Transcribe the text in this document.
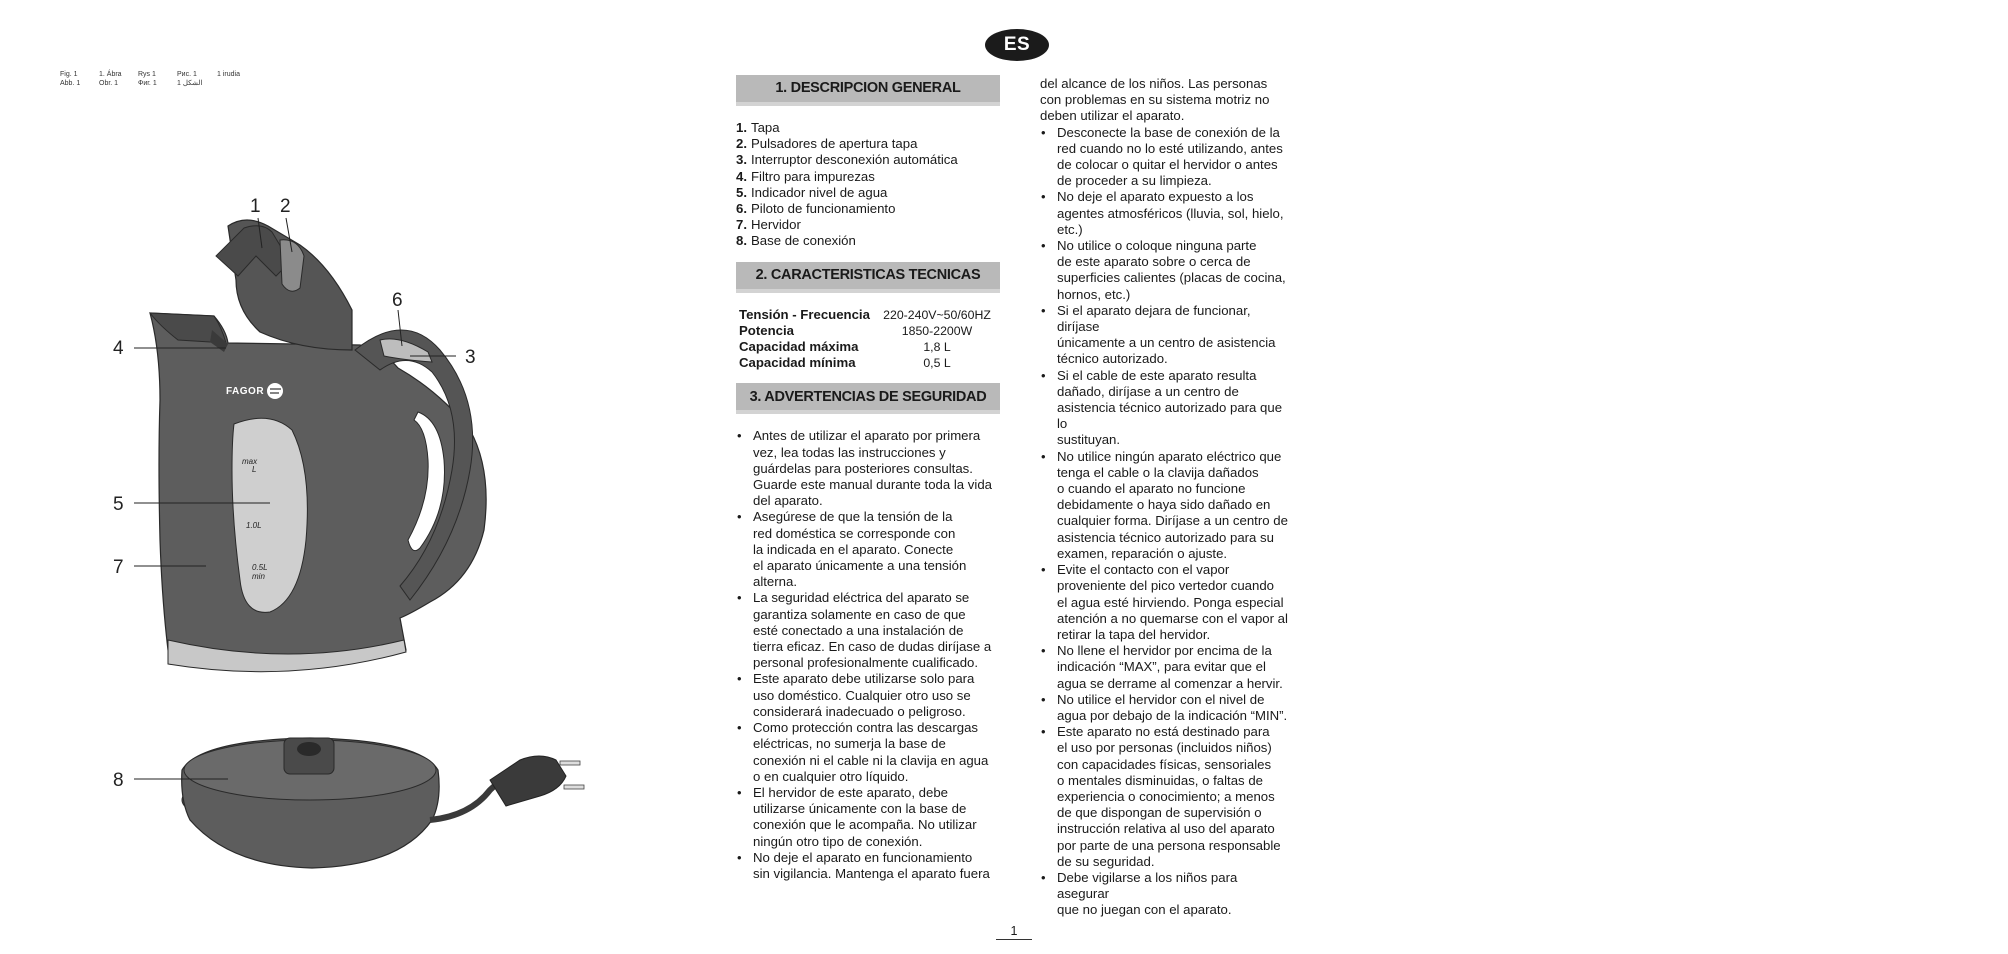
Fig. 1
Abb. 1
1. Ábra
Obr. 1
Rys 1
Фиг. 1
Рис. 1
1 الشكل
1 irudia
max
L
1.0L
0.5L
min
FAGOR
1 2
3
4
5
6
7
8
ES
1. DESCRIPCION GENERAL
1. Tapa
2. Pulsadores de apertura tapa
3. Interruptor desconexión automática
4. Filtro para impurezas
5. Indicador nivel de agua
6. Piloto de funcionamiento
7. Hervidor
8. Base de conexión
2. CARACTERISTICAS TECNICAS
Tensión - Frecuencia	220-240V~50/60HZ
Potencia	1850-2200W
Capacidad máxima	1,8 L
Capacidad mínima	0,5 L
3. ADVERTENCIAS DE SEGURIDAD
• Antes de utilizar el aparato por primera
vez, lea todas las instrucciones y
guárdelas para posteriores consultas.
Guarde este manual durante toda la vida
del aparato.
• Asegúrese de que la tensión de la
red doméstica se corresponde con
la indicada en el aparato. Conecte
el aparato únicamente a una tensión
alterna.
• La seguridad eléctrica del aparato se
garantiza solamente en caso de que
esté conectado a una instalación de
tierra eficaz. En caso de dudas diríjase a
personal profesionalmente cualificado.
• Este aparato debe utilizarse solo para
uso doméstico. Cualquier otro uso se
considerará inadecuado o peligroso.
• Como protección contra las descargas
eléctricas, no sumerja la base de
conexión ni el cable ni la clavija en agua
o en cualquier otro líquido.
• El hervidor de este aparato, debe
utilizarse únicamente con la base de
conexión que le acompaña. No utilizar
ningún otro tipo de conexión.
• No deje el aparato en funcionamiento
sin vigilancia. Mantenga el aparato fuera
del alcance de los niños. Las personas
con problemas en su sistema motriz no
deben utilizar el aparato.
• Desconecte la base de conexión de la
red cuando no lo esté utilizando, antes
de colocar o quitar el hervidor o antes
de proceder a su limpieza.
• No deje el aparato expuesto a los
agentes atmosféricos (lluvia, sol, hielo,
etc.)
• No utilice o coloque ninguna parte
de este aparato sobre o cerca de
superficies calientes (placas de cocina,
hornos, etc.)
• Si el aparato dejara de funcionar, diríjase
únicamente a un centro de asistencia
técnico autorizado.
• Si el cable de este aparato resulta
dañado, diríjase a un centro de
asistencia técnico autorizado para que lo
sustituyan.
• No utilice ningún aparato eléctrico que
tenga el cable o la clavija dañados
o cuando el aparato no funcione
debidamente o haya sido dañado en
cualquier forma. Diríjase a un centro de
asistencia técnico autorizado para su
examen, reparación o ajuste.
• Evite el contacto con el vapor
proveniente del pico vertedor cuando
el agua esté hirviendo. Ponga especial
atención a no quemarse con el vapor al
retirar la tapa del hervidor.
• No llene el hervidor por encima de la
indicación “MAX”, para evitar que el
agua se derrame al comenzar a hervir.
• No utilice el hervidor con el nivel de
agua por debajo de la indicación “MIN”.
• Este aparato no está destinado para
el uso por personas (incluidos niños)
con capacidades físicas, sensoriales
o mentales disminuidas, o faltas de
experiencia o conocimiento; a menos
de que dispongan de supervisión o
instrucción relativa al uso del aparato
por parte de una persona responsable
de su seguridad.
• Debe vigilarse a los niños para asegurar
que no juegan con el aparato.
1
